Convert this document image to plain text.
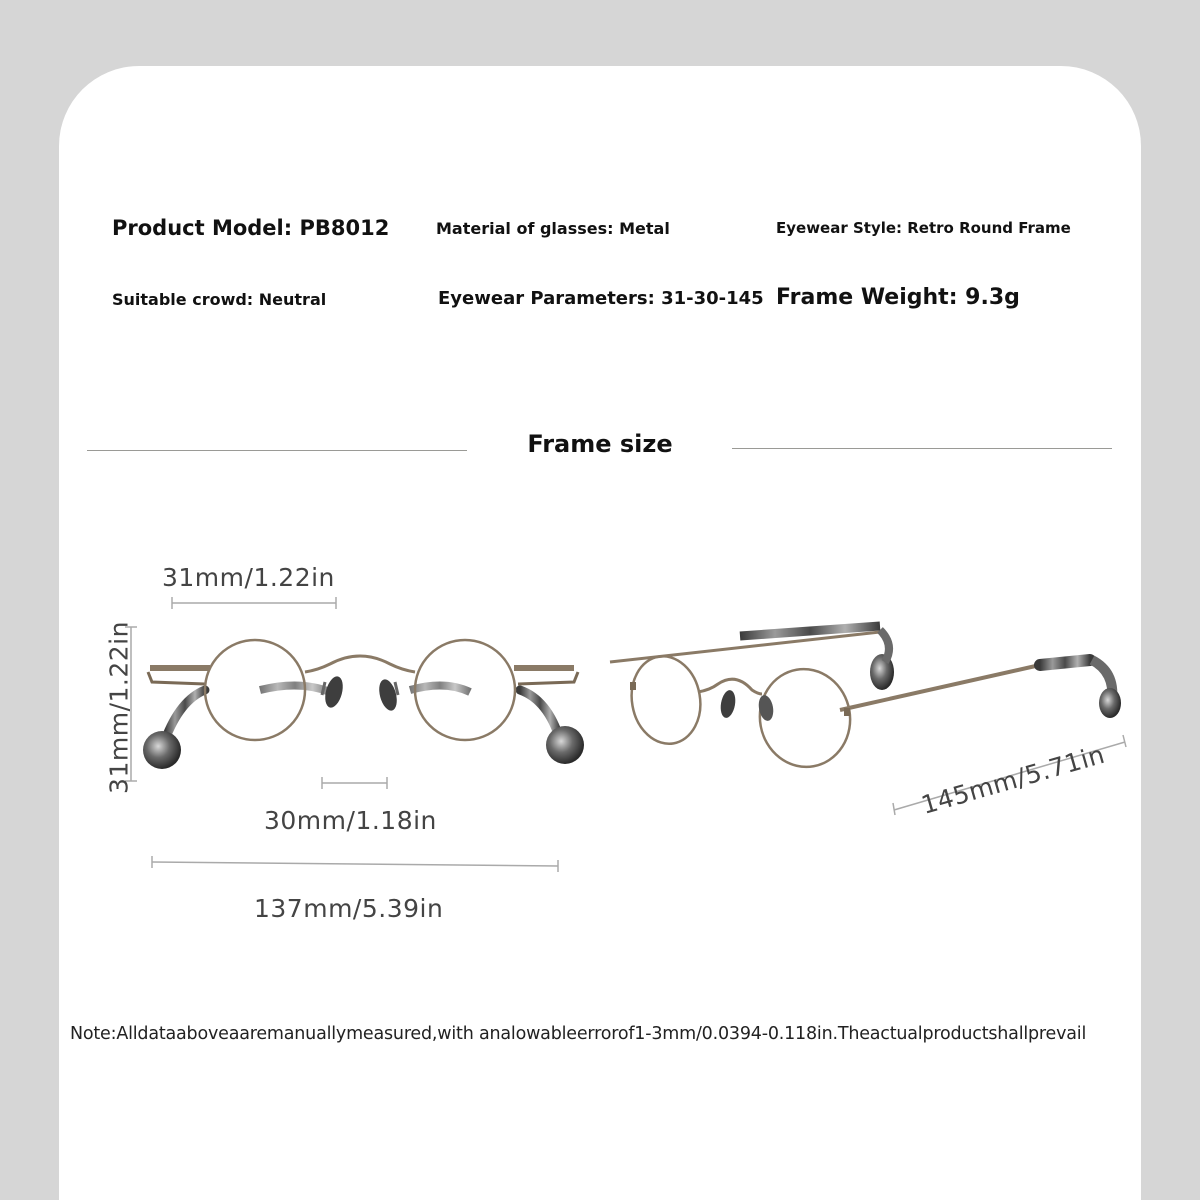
Product Model: PB8012	Material of glasses: Metal	Eyewear Style: Retro Round Frame
Suitable crowd: Neutral	Eyewear Parameters: 31-30-145 Frame Weight: 9.3g
Frame size
31mm/1.22in
31mm/1.22in
30mm/1.18in
137mm/5.39in
145mm/5.71in
Note:Alldataaboveaaremanuallymeasured,with analowableerrorof1-3mm/0.0394-0.118in.Theactualproductshallprevail
